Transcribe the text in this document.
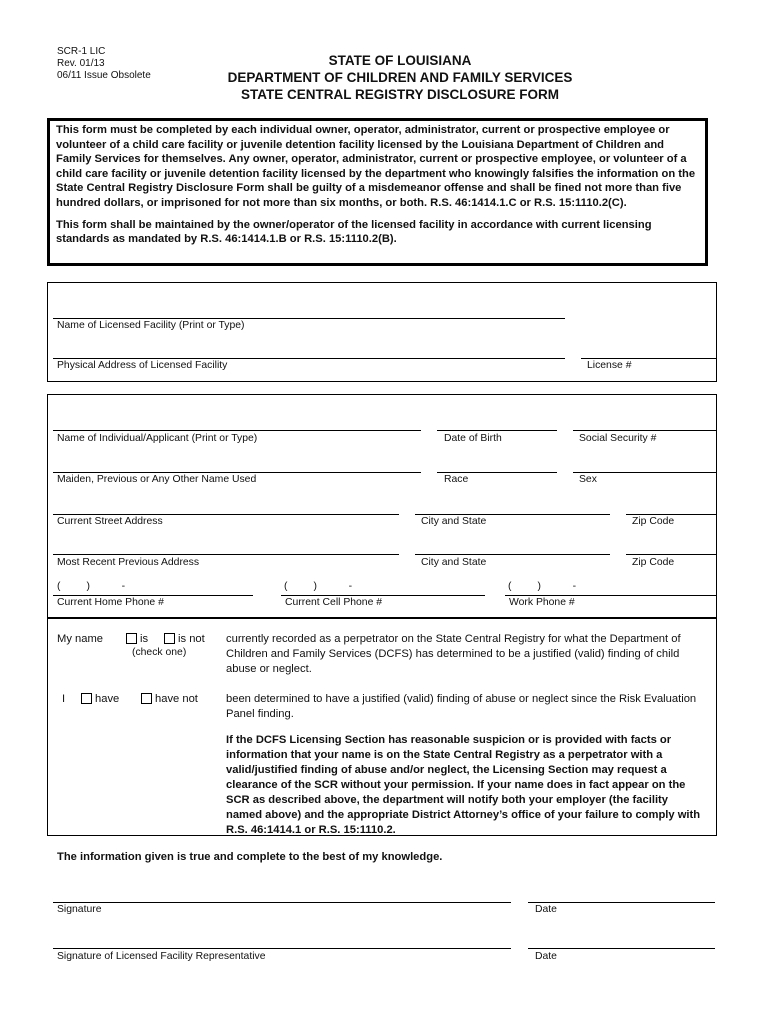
SCR-1 LIC
Rev. 01/13
06/11 Issue Obsolete
STATE OF LOUISIANA
DEPARTMENT OF CHILDREN AND FAMILY SERVICES
STATE CENTRAL REGISTRY DISCLOSURE FORM

This form must be completed by each individual owner, operator, administrator, current or prospective employee or volunteer of a child care facility or juvenile detention facility licensed by the Louisiana Department of Children and Family Services for themselves. Any owner, operator, administrator, current or prospective employee, or volunteer of a child care facility or juvenile detention facility licensed by the department who knowingly falsifies the information on the State Central Registry Disclosure Form shall be guilty of a misdemeanor offense and shall be fined not more than five hundred dollars, or imprisoned for not more than six months, or both. R.S. 46:1414.1.C or R.S. 15:1110.2(C).

This form shall be maintained by the owner/operator of the licensed facility in accordance with current licensing standards as mandated by R.S. 46:1414.1.B or R.S. 15:1110.2(B).

Name of Licensed Facility (Print or Type)
Physical Address of Licensed Facility	License #
Name of Individual/Applicant (Print or Type)	Date of Birth	Social Security #
Maiden, Previous or Any Other Name Used	Race	Sex
Current Street Address	City and State	Zip Code
Most Recent Previous Address	City and State	Zip Code
(         )           -
Current Home Phone #
(         )           -
Current Cell Phone #
(         )           -
Work Phone #
My name	is	is not
(check one)
currently recorded as a perpetrator on the State Central Registry for what the Department of Children and Family Services (DCFS) has determined to be a justified (valid) finding of child abuse or neglect.
I	have	have not	been determined to have a justified (valid) finding of abuse or neglect since the Risk Evaluation Panel finding.
If the DCFS Licensing Section has reasonable suspicion or is provided with facts or information that your name is on the State Central Registry as a perpetrator with a valid/justified finding of abuse and/or neglect, the Licensing Section may request a clearance of the SCR without your permission. If your name does in fact appear on the SCR as described above, the department will notify both your employer (the facility named above) and the appropriate District Attorney’s office of your failure to comply with R.S. 46:1414.1 or R.S. 15:1110.2.
The information given is true and complete to the best of my knowledge.
Signature	Date
Signature of Licensed Facility Representative	Date
